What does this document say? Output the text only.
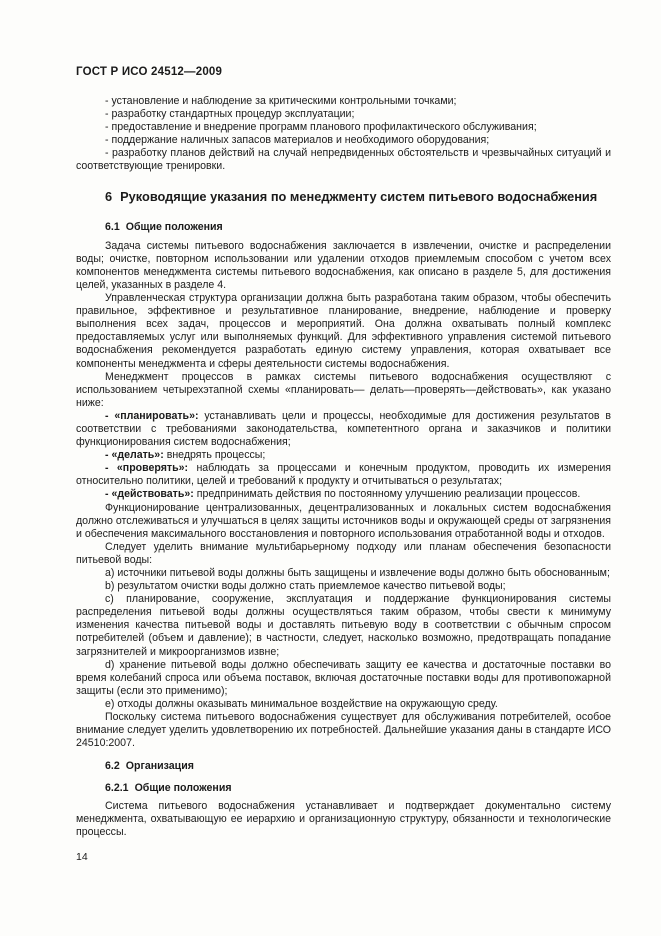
ГОСТ Р ИСО 24512—2009

- установление и наблюдение за критическими контрольными точками;

- разработку стандартных процедур эксплуатации;

- предоставление и внедрение программ планового профилактического обслуживания;

- поддержание наличных запасов материалов и необходимого оборудования;

- разработку планов действий на случай непредвиденных обстоятельств и чрезвычайных ситуаций и соответствующие тренировки.

6 Руководящие указания по менеджменту систем питьевого водоснабжения

6.1 Общие положения

Задача системы питьевого водоснабжения заключается в извлечении, очистке и распределении воды; очистке, повторном использовании или удалении отходов приемлемым способом с учетом всех компонентов менеджмента системы питьевого водоснабжения, как описано в разделе 5, для достижения целей, указанных в разделе 4.

Управленческая структура организации должна быть разработана таким образом, чтобы обеспечить правильное, эффективное и результативное планирование, внедрение, наблюдение и проверку выполнения всех задач, процессов и мероприятий. Она должна охватывать полный комплекс предоставляемых услуг или выполняемых функций. Для эффективного управления системой питьевого водоснабжения рекомендуется разработать единую систему управления, которая охватывает все компоненты менеджмента и сферы деятельности системы водоснабжения.

Менеджмент процессов в рамках системы питьевого водоснабжения осуществляют с использованием четырехэтапной схемы «планировать— делать—проверять—действовать», как указано ниже:

- «планировать»: устанавливать цели и процессы, необходимые для достижения результатов в соответствии с требованиями законодательства, компетентного органа и заказчиков и политики функционирования систем водоснабжения;

- «делать»: внедрять процессы;

- «проверять»: наблюдать за процессами и конечным продуктом, проводить их измерения относительно политики, целей и требований к продукту и отчитываться о результатах;

- «действовать»: предпринимать действия по постоянному улучшению реализации процессов.

Функционирование централизованных, децентрализованных и локальных систем водоснабжения должно отслеживаться и улучшаться в целях защиты источников воды и окружающей среды от загрязнения и обеспечения максимального восстановления и повторного использования отработанной воды и отходов.

Следует уделить внимание мультибарьерному подходу или планам обеспечения безопасности питьевой воды:

a) источники питьевой воды должны быть защищены и извлечение воды должно быть обоснованным;

b) результатом очистки воды должно стать приемлемое качество питьевой воды;

c) планирование, сооружение, эксплуатация и поддержание функционирования системы распределения питьевой воды должны осуществляться таким образом, чтобы свести к минимуму изменения качества питьевой воды и доставлять питьевую воду в соответствии с обычным спросом потребителей (объем и давление); в частности, следует, насколько возможно, предотвращать попадание загрязнителей и микроорганизмов извне;

d) хранение питьевой воды должно обеспечивать защиту ее качества и достаточные поставки во время колебаний спроса или объема поставок, включая достаточные поставки воды для противопожарной защиты (если это применимо);

e) отходы должны оказывать минимальное воздействие на окружающую среду.

Поскольку система питьевого водоснабжения существует для обслуживания потребителей, особое внимание следует уделить удовлетворению их потребностей. Дальнейшие указания даны в стандарте ИСО 24510:2007.

6.2 Организация

6.2.1 Общие положения

Система питьевого водоснабжения устанавливает и подтверждает документально систему менеджмента, охватывающую ее иерархию и организационную структуру, обязанности и технологические процессы.

14
